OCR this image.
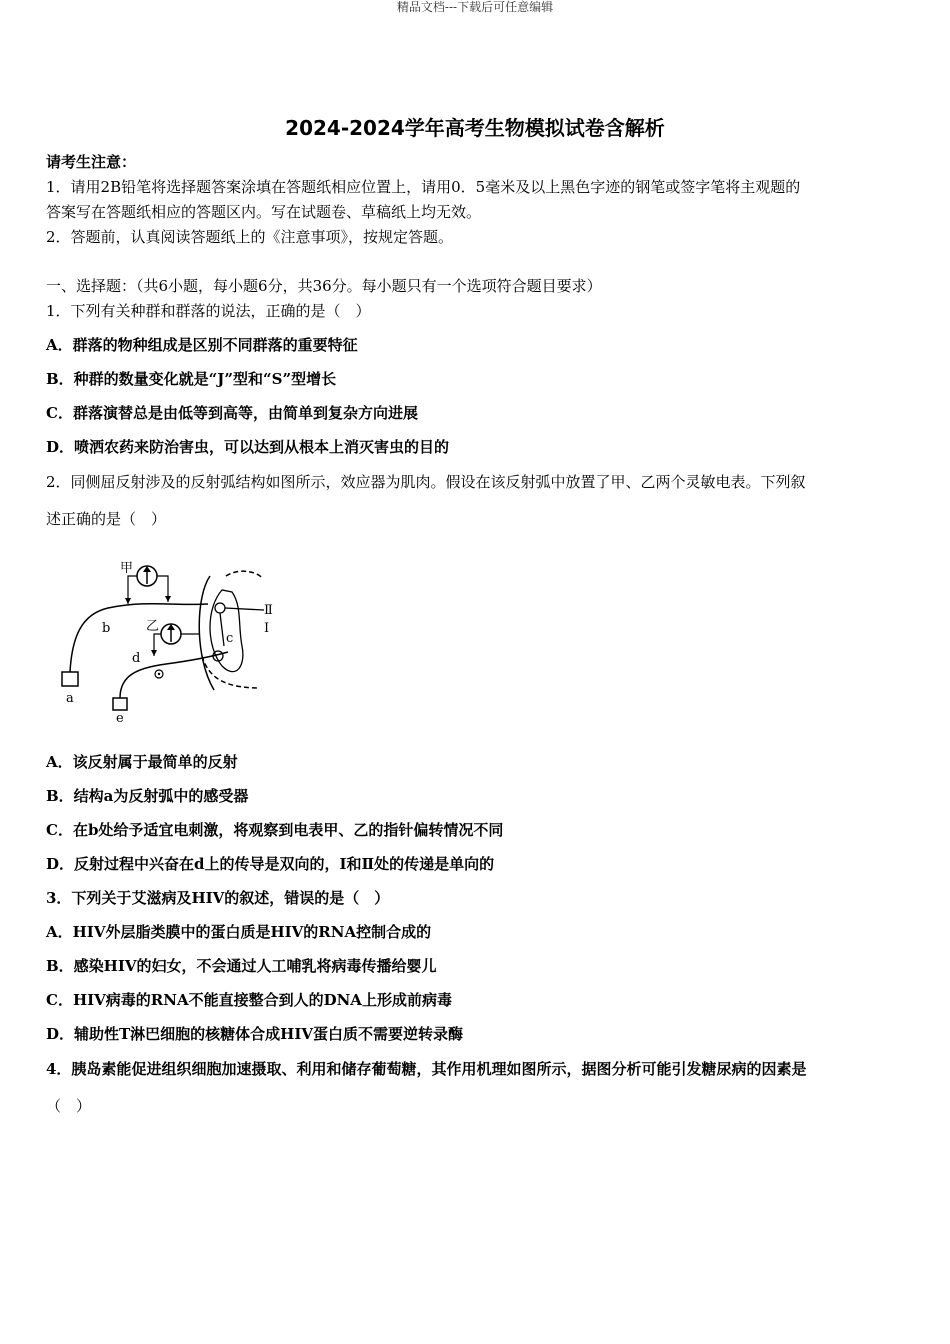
精品文档---下载后可任意编辑
2024-2024学年高考生物模拟试卷含解析
请考生注意：
1．请用2B铅笔将选择题答案涂填在答题纸相应位置上，请用0．5毫米及以上黑色字迹的钢笔或签字笔将主观题的
答案写在答题纸相应的答题区内。写在试题卷、草稿纸上均无效。
2．答题前，认真阅读答题纸上的《注意事项》，按规定答题。
一、选择题：（共6小题，每小题6分，共36分。每小题只有一个选项符合题目要求）
1．下列有关种群和群落的说法，正确的是（　）
A．群落的物种组成是区别不同群落的重要特征
B．种群的数量变化就是“J”型和“S”型增长
C．群落演替总是由低等到高等，由简单到复杂方向进展
D．喷洒农药来防治害虫，可以达到从根本上消灭害虫的目的
2．同侧屈反射涉及的反射弧结构如图所示，效应器为肌肉。假设在该反射弧中放置了甲、乙两个灵敏电表。下列叙
述正确的是（　）
a
b
e
d
甲
乙
c
Ⅱ
Ⅰ
A．该反射属于最简单的反射
B．结构a为反射弧中的感受器
C．在b处给予适宜电刺激，将观察到电表甲、乙的指针偏转情况不同
D．反射过程中兴奋在d上的传导是双向的，Ⅰ和Ⅱ处的传递是单向的
3．下列关于艾滋病及HIV的叙述，错误的是（　）
A．HIV外层脂类膜中的蛋白质是HIV的RNA控制合成的
B．感染HIV的妇女，不会通过人工哺乳将病毒传播给婴儿
C．HIV病毒的RNA不能直接整合到人的DNA上形成前病毒
D．辅助性T淋巴细胞的核糖体合成HIV蛋白质不需要逆转录酶
4．胰岛素能促进组织细胞加速摄取、利用和储存葡萄糖，其作用机理如图所示，据图分析可能引发糖尿病的因素是
（　）
